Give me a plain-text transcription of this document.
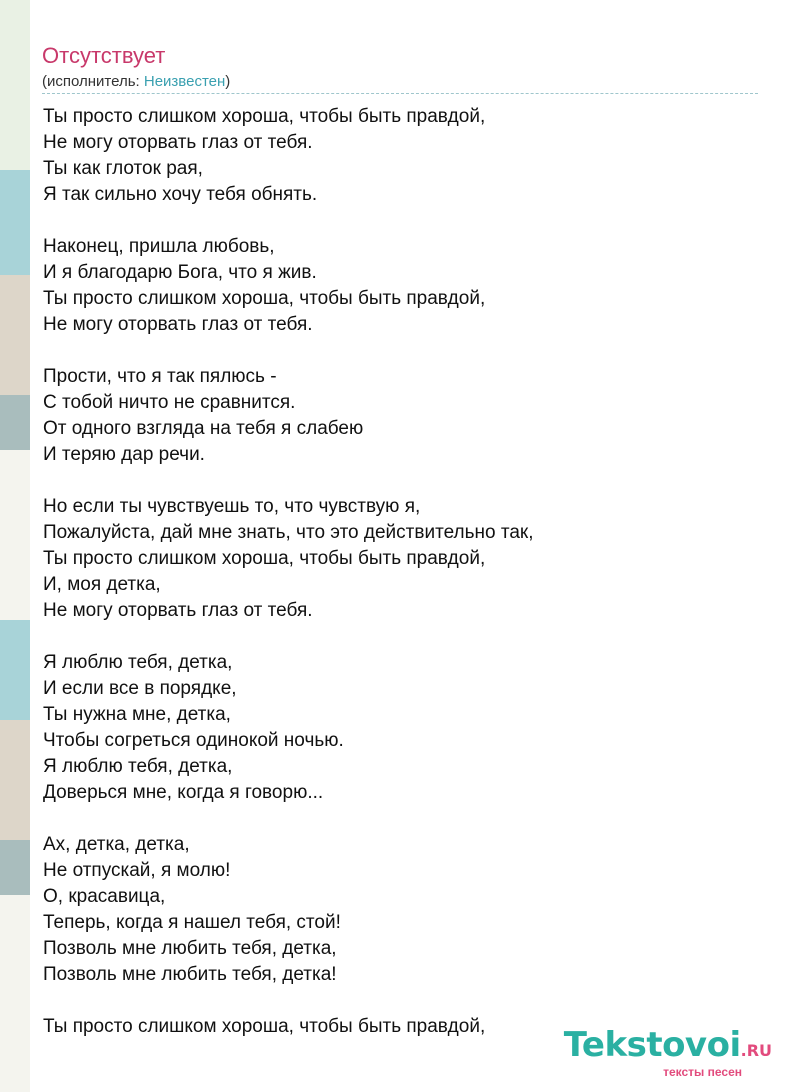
Отсутствует
(исполнитель: Неизвестен)
Ты просто слишком хороша, чтобы быть правдой,
Не могу оторвать глаз от тебя.
Ты как глоток рая,
Я так сильно хочу тебя обнять.
Наконец, пришла любовь,
И я благодарю Бога, что я жив.
Ты просто слишком хороша, чтобы быть правдой,
Не могу оторвать глаз от тебя.
Прости, что я так пялюсь -
С тобой ничто не сравнится.
От одного взгляда на тебя я слабею
И теряю дар речи.
Но если ты чувствуешь то, что чувствую я,
Пожалуйста, дай мне знать, что это действительно так,
Ты просто слишком хороша, чтобы быть правдой,
И, моя детка,
Не могу оторвать глаз от тебя.
Я люблю тебя, детка,
И если все в порядке,
Ты нужна мне, детка,
Чтобы согреться одинокой ночью.
Я люблю тебя, детка,
Доверься мне, когда я говорю...
Ах, детка, детка,
Не отпускай, я молю!
О, красавица,
Теперь, когда я нашел тебя, стой!
Позволь мне любить тебя, детка,
Позволь мне любить тебя, детка!
Ты просто слишком хороша, чтобы быть правдой,	Tekstovoi.RU
тексты песен
